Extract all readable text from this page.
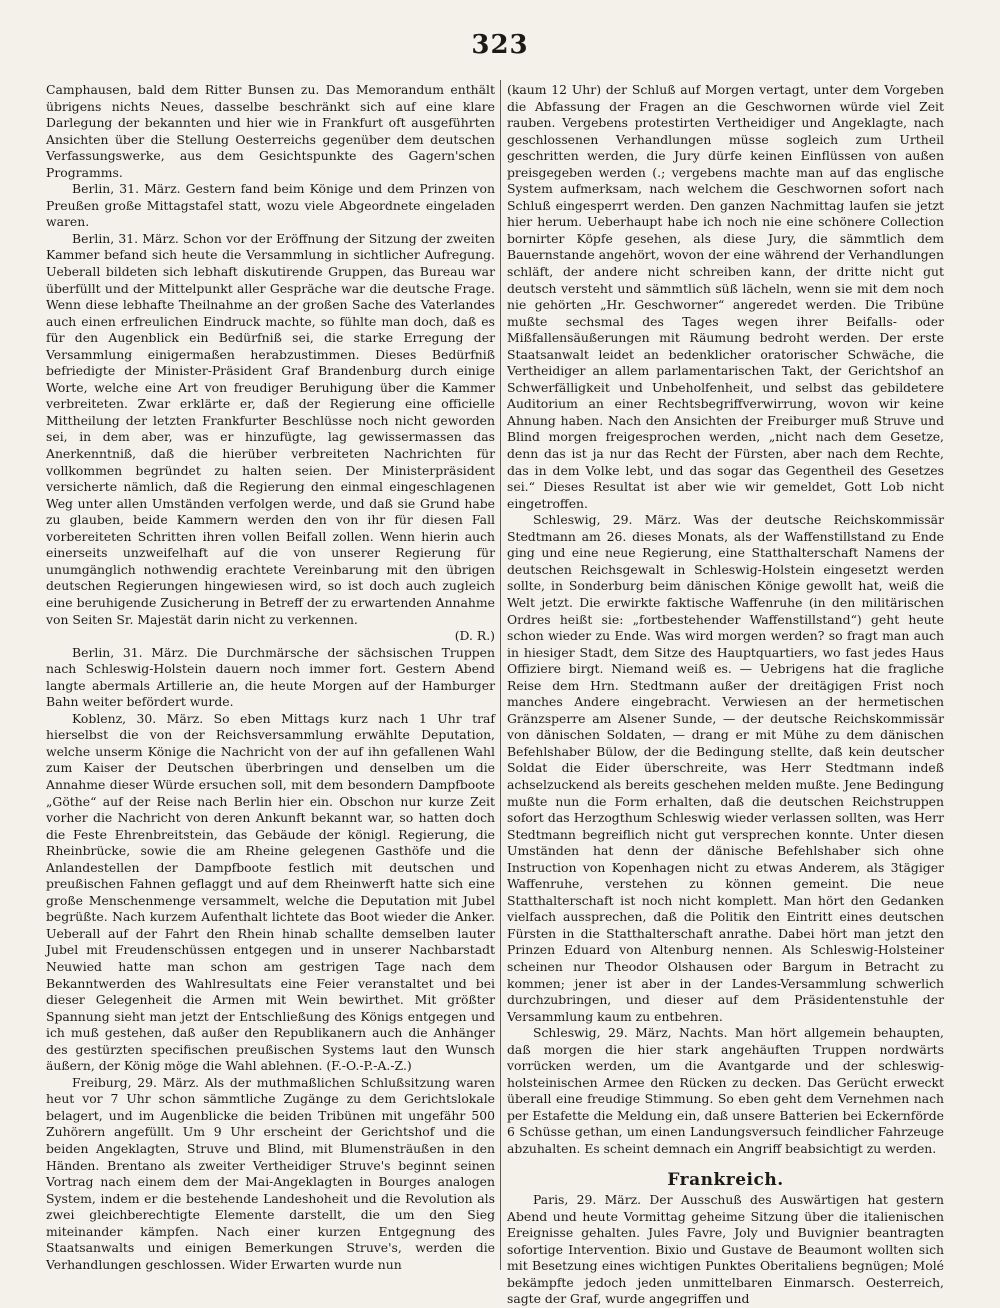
323

Camphausen, bald dem Ritter Bunsen zu. Das Memorandum enthält übrigens nichts Neues, dasselbe beschränkt sich auf eine klare Darlegung der bekannten und hier wie in Frankfurt oft ausgeführten Ansichten über die Stellung Oesterreichs gegenüber dem deutschen Verfassungswerke, aus dem Gesichtspunkte des Gagern'schen Programms.

Berlin, 31. März. Gestern fand beim Könige und dem Prinzen von Preußen große Mittagstafel statt, wozu viele Abgeordnete eingeladen waren.

Berlin, 31. März. Schon vor der Eröffnung der Sitzung der zweiten Kammer befand sich heute die Versammlung in sichtlicher Aufregung. Ueberall bildeten sich lebhaft diskutirende Gruppen, das Bureau war überfüllt und der Mittelpunkt aller Gespräche war die deutsche Frage. Wenn diese lebhafte Theilnahme an der großen Sache des Vaterlandes auch einen erfreulichen Eindruck machte, so fühlte man doch, daß es für den Augenblick ein Bedürfniß sei, die starke Erregung der Versammlung einigermaßen herabzustimmen. Dieses Bedürfniß befriedigte der Minister-Präsident Graf Brandenburg durch einige Worte, welche eine Art von freudiger Beruhigung über die Kammer verbreiteten. Zwar erklärte er, daß der Regierung eine officielle Mittheilung der letzten Frankfurter Beschlüsse noch nicht geworden sei, in dem aber, was er hinzufügte, lag gewissermassen das Anerkenntniß, daß die hierüber verbreiteten Nachrichten für vollkommen begründet zu halten seien. Der Ministerpräsident versicherte nämlich, daß die Regierung den einmal eingeschlagenen Weg unter allen Umständen verfolgen werde, und daß sie Grund habe zu glauben, beide Kammern werden den von ihr für diesen Fall vorbereiteten Schritten ihren vollen Beifall zollen. Wenn hierin auch einerseits unzweifelhaft auf die von unserer Regierung für unumgänglich nothwendig erachtete Vereinbarung mit den übrigen deutschen Regierungen hingewiesen wird, so ist doch auch zugleich eine beruhigende Zusicherung in Betreff der zu erwartenden Annahme von Seiten Sr. Majestät darin nicht zu verkennen.

(D. R.)

Berlin, 31. März. Die Durchmärsche der sächsischen Truppen nach Schleswig-Holstein dauern noch immer fort. Gestern Abend langte abermals Artillerie an, die heute Morgen auf der Hamburger Bahn weiter befördert wurde.

Koblenz, 30. März. So eben Mittags kurz nach 1 Uhr traf hierselbst die von der Reichsversammlung erwählte Deputation, welche unserm Könige die Nachricht von der auf ihn gefallenen Wahl zum Kaiser der Deutschen überbringen und denselben um die Annahme dieser Würde ersuchen soll, mit dem besondern Dampfboote „Göthe“ auf der Reise nach Berlin hier ein. Obschon nur kurze Zeit vorher die Nachricht von deren Ankunft bekannt war, so hatten doch die Feste Ehrenbreitstein, das Gebäude der königl. Regierung, die Rheinbrücke, sowie die am Rheine gelegenen Gasthöfe und die Anlandestellen der Dampfboote festlich mit deutschen und preußischen Fahnen geflaggt und auf dem Rheinwerft hatte sich eine große Menschenmenge versammelt, welche die Deputation mit Jubel begrüßte. Nach kurzem Aufenthalt lichtete das Boot wieder die Anker. Ueberall auf der Fahrt den Rhein hinab schallte demselben lauter Jubel mit Freudenschüssen entgegen und in unserer Nachbarstadt Neuwied hatte man schon am gestrigen Tage nach dem Bekanntwerden des Wahlresultats eine Feier veranstaltet und bei dieser Gelegenheit die Armen mit Wein bewirthet. Mit größter Spannung sieht man jetzt der Entschließung des Königs entgegen und ich muß gestehen, daß außer den Republikanern auch die Anhänger des gestürzten specifischen preußischen Systems laut den Wunsch äußern, der König möge die Wahl ablehnen. (F.-O.-P.-A.-Z.)

Freiburg, 29. März. Als der muthmaßlichen Schlußsitzung waren heut vor 7 Uhr schon sämmtliche Zugänge zu dem Gerichtslokale belagert, und im Augenblicke die beiden Tribünen mit ungefähr 500 Zuhörern angefüllt. Um 9 Uhr erscheint der Gerichtshof und die beiden Angeklagten, Struve und Blind, mit Blumensträußen in den Händen. Brentano als zweiter Vertheidiger Struve's beginnt seinen Vortrag nach einem dem der Mai-Angeklagten in Bourges analogen System, indem er die bestehende Landeshoheit und die Revolution als zwei gleichberechtigte Elemente darstellt, die um den Sieg miteinander kämpfen. Nach einer kurzen Entgegnung des Staatsanwalts und einigen Bemerkungen Struve's, werden die Verhandlungen geschlossen. Wider Erwarten wurde nun

(kaum 12 Uhr) der Schluß auf Morgen vertagt, unter dem Vorgeben die Abfassung der Fragen an die Geschwornen würde viel Zeit rauben. Vergebens protestirten Vertheidiger und Angeklagte, nach geschlossenen Verhandlungen müsse sogleich zum Urtheil geschritten werden, die Jury dürfe keinen Einflüssen von außen preisgegeben werden (.; vergebens machte man auf das englische System aufmerksam, nach welchem die Geschwornen sofort nach Schluß eingesperrt werden. Den ganzen Nachmittag laufen sie jetzt hier herum. Ueberhaupt habe ich noch nie eine schönere Collection bornirter Köpfe gesehen, als diese Jury, die sämmtlich dem Bauernstande angehört, wovon der eine während der Verhandlungen schläft, der andere nicht schreiben kann, der dritte nicht gut deutsch versteht und sämmtlich süß lächeln, wenn sie mit dem noch nie gehörten „Hr. Geschworner“ angeredet werden. Die Tribüne mußte sechsmal des Tages wegen ihrer Beifalls- oder Mißfallensäußerungen mit Räumung bedroht werden. Der erste Staatsanwalt leidet an bedenklicher oratorischer Schwäche, die Vertheidiger an allem parlamentarischen Takt, der Gerichtshof an Schwerfälligkeit und Unbeholfenheit, und selbst das gebildetere Auditorium an einer Rechtsbegriffverwirrung, wovon wir keine Ahnung haben. Nach den Ansichten der Freiburger muß Struve und Blind morgen freigesprochen werden, „nicht nach dem Gesetze, denn das ist ja nur das Recht der Fürsten, aber nach dem Rechte, das in dem Volke lebt, und das sogar das Gegentheil des Gesetzes sei.“ Dieses Resultat ist aber wie wir gemeldet, Gott Lob nicht eingetroffen.

Schleswig, 29. März. Was der deutsche Reichskommissär Stedtmann am 26. dieses Monats, als der Waffenstillstand zu Ende ging und eine neue Regierung, eine Statthalterschaft Namens der deutschen Reichsgewalt in Schleswig-Holstein eingesetzt werden sollte, in Sonderburg beim dänischen Könige gewollt hat, weiß die Welt jetzt. Die erwirkte faktische Waffenruhe (in den militärischen Ordres heißt sie: „fortbestehender Waffenstillstand“) geht heute schon wieder zu Ende. Was wird morgen werden? so fragt man auch in hiesiger Stadt, dem Sitze des Hauptquartiers, wo fast jedes Haus Offiziere birgt. Niemand weiß es. — Uebrigens hat die fragliche Reise dem Hrn. Stedtmann außer der dreitägigen Frist noch manches Andere eingebracht. Verwiesen an der hermetischen Gränzsperre am Alsener Sunde, — der deutsche Reichskommissär von dänischen Soldaten, — drang er mit Mühe zu dem dänischen Befehlshaber Bülow, der die Bedingung stellte, daß kein deutscher Soldat die Eider überschreite, was Herr Stedtmann indeß achselzuckend als bereits geschehen melden mußte. Jene Bedingung mußte nun die Form erhalten, daß die deutschen Reichstruppen sofort das Herzogthum Schleswig wieder verlassen sollten, was Herr Stedtmann begreiflich nicht gut versprechen konnte. Unter diesen Umständen hat denn der dänische Befehlshaber sich ohne Instruction von Kopenhagen nicht zu etwas Anderem, als 3tägiger Waffenruhe, verstehen zu können gemeint. Die neue Statthalterschaft ist noch nicht komplett. Man hört den Gedanken vielfach aussprechen, daß die Politik den Eintritt eines deutschen Fürsten in die Statthalterschaft anrathe. Dabei hört man jetzt den Prinzen Eduard von Altenburg nennen. Als Schleswig-Holsteiner scheinen nur Theodor Olshausen oder Bargum in Betracht zu kommen; jener ist aber in der Landes-Versammlung schwerlich durchzubringen, und dieser auf dem Präsidentenstuhle der Versammlung kaum zu entbehren.

Schleswig, 29. März, Nachts. Man hört allgemein behaupten, daß morgen die hier stark angehäuften Truppen nordwärts vorrücken werden, um die Avantgarde und der schleswig-holsteinischen Armee den Rücken zu decken. Das Gerücht erweckt überall eine freudige Stimmung. So eben geht dem Vernehmen nach per Estafette die Meldung ein, daß unsere Batterien bei Eckernförde 6 Schüsse gethan, um einen Landungsversuch feindlicher Fahrzeuge abzuhalten. Es scheint demnach ein Angriff beabsichtigt zu werden.

Frankreich.

Paris, 29. März. Der Ausschuß des Auswärtigen hat gestern Abend und heute Vormittag geheime Sitzung über die italienischen Ereignisse gehalten. Jules Favre, Joly und Buvignier beantragten sofortige Intervention. Bixio und Gustave de Beaumont wollten sich mit Besetzung eines wichtigen Punktes Oberitaliens begnügen; Molé bekämpfte jedoch jeden unmittelbaren Einmarsch. Oesterreich, sagte der Graf, wurde angegriffen und
